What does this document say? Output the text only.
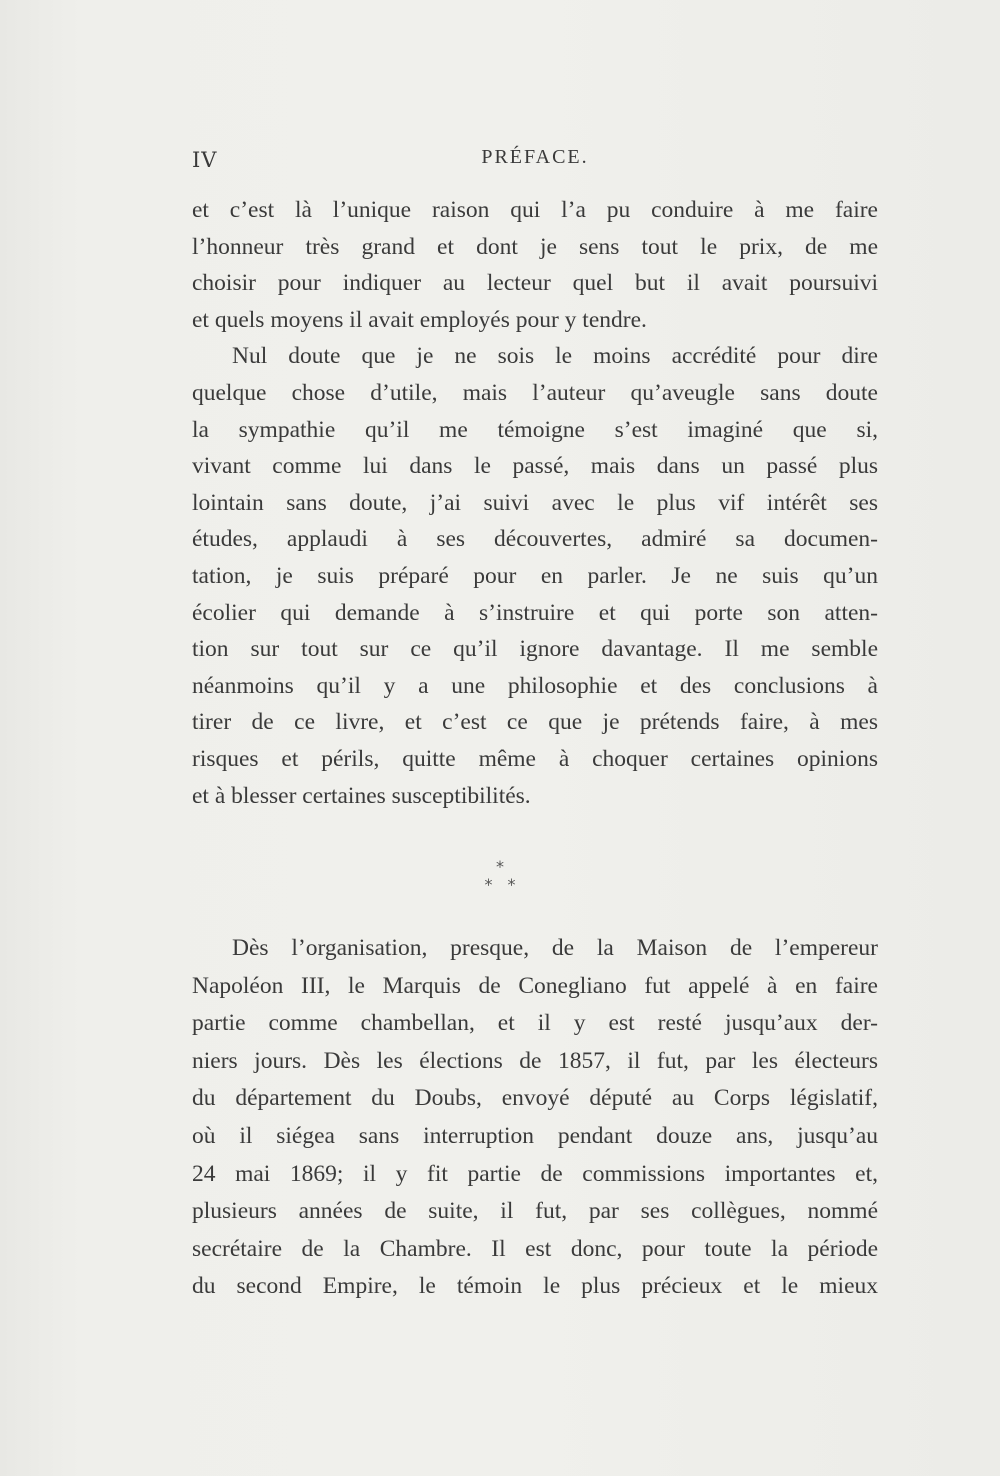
IV	PRÉFACE.
et c’est là l’unique raison qui l’a pu conduire à me faire
l’honneur très grand et dont je sens tout le prix, de me
choisir pour indiquer au lecteur quel but il avait poursuivi
et quels moyens il avait employés pour y tendre.
Nul doute que je ne sois le moins accrédité pour dire
quelque chose d’utile, mais l’auteur qu’aveugle sans doute
la sympathie qu’il me témoigne s’est imaginé que si,
vivant comme lui dans le passé, mais dans un passé plus
lointain sans doute, j’ai suivi avec le plus vif intérêt ses
études, applaudi à ses découvertes, admiré sa documen-
tation, je suis préparé pour en parler. Je ne suis qu’un
écolier qui demande à s’instruire et qui porte son atten-
tion sur tout sur ce qu’il ignore davantage. Il me semble
néanmoins qu’il y a une philosophie et des conclusions à
tirer de ce livre, et c’est ce que je prétends faire, à mes
risques et périls, quitte même à choquer certaines opinions
et à blesser certaines susceptibilités.
*
* *
Dès l’organisation, presque, de la Maison de l’empereur
Napoléon III, le Marquis de Conegliano fut appelé à en faire
partie comme chambellan, et il y est resté jusqu’aux der-
niers jours. Dès les élections de 1857, il fut, par les électeurs
du département du Doubs, envoyé député au Corps législatif,
où il siégea sans interruption pendant douze ans, jusqu’au
24 mai 1869; il y fit partie de commissions importantes et,
plusieurs années de suite, il fut, par ses collègues, nommé
secrétaire de la Chambre. Il est donc, pour toute la période
du second Empire, le témoin le plus précieux et le mieux
